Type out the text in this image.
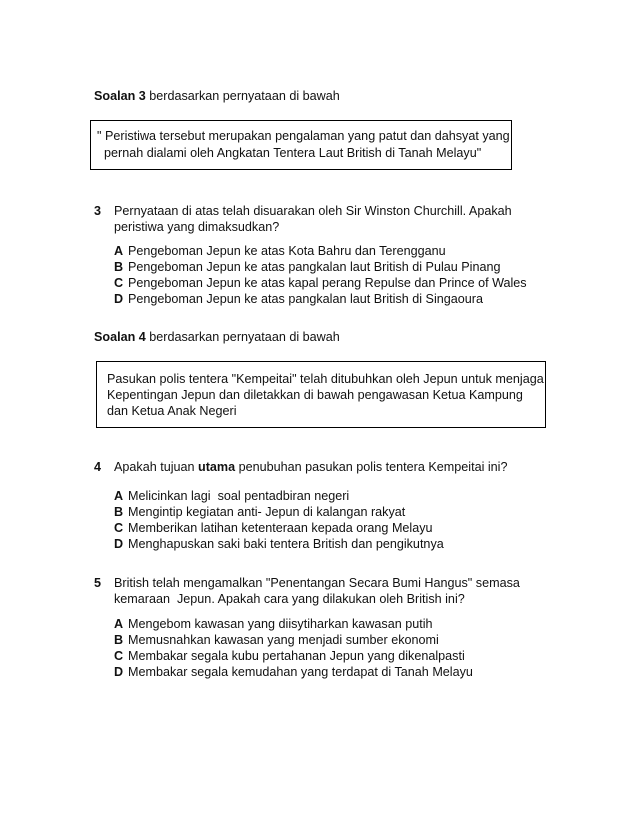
Soalan 3 berdasarkan pernyataan di bawah
" Peristiwa tersebut merupakan pengalaman yang patut dan dahsyat yang
pernah dialami oleh Angkatan Tentera Laut British di Tanah Melayu"
3 Pernyataan di atas telah disuarakan oleh Sir Winston Churchill. Apakah
peristiwa yang dimaksudkan?
A Pengeboman Jepun ke atas Kota Bahru dan Terengganu
B Pengeboman Jepun ke atas pangkalan laut British di Pulau Pinang
C Pengeboman Jepun ke atas kapal perang Repulse dan Prince of Wales
D Pengeboman Jepun ke atas pangkalan laut British di Singaoura
Soalan 4 berdasarkan pernyataan di bawah
Pasukan polis tentera "Kempeitai" telah ditubuhkan oleh Jepun untuk menjaga
Kepentingan Jepun dan diletakkan di bawah pengawasan Ketua Kampung
dan Ketua Anak Negeri
4 Apakah tujuan utama penubuhan pasukan polis tentera Kempeitai ini?
A Melicinkan lagi  soal pentadbiran negeri
B Mengintip kegiatan anti- Jepun di kalangan rakyat
C Memberikan latihan ketenteraan kepada orang Melayu
D Menghapuskan saki baki tentera British dan pengikutnya
5 British telah mengamalkan "Penentangan Secara Bumi Hangus" semasa
kemaraan  Jepun. Apakah cara yang dilakukan oleh British ini?
A Mengebom kawasan yang diisytiharkan kawasan putih
B Memusnahkan kawasan yang menjadi sumber ekonomi
C Membakar segala kubu pertahanan Jepun yang dikenalpasti
D Membakar segala kemudahan yang terdapat di Tanah Melayu
